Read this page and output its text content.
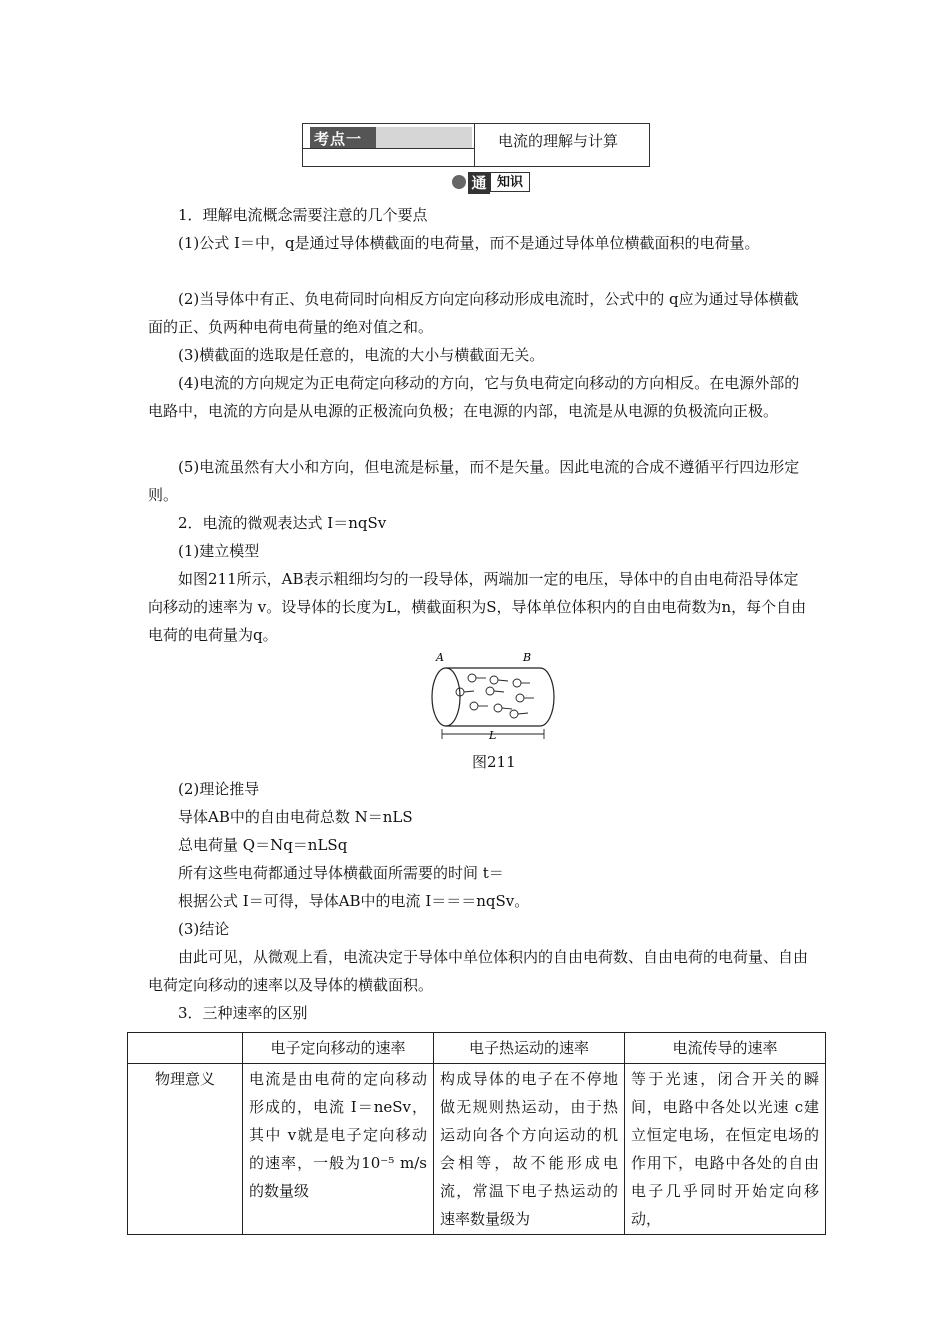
考点一	电流的理解与计算
通 知识
1．理解电流概念需要注意的几个要点
(1)公式 I＝中，q是通过导体横截面的电荷量，而不是通过导体单位横截面积的电荷量。
(2)当导体中有正、负电荷同时向相反方向定向移动形成电流时，公式中的 q应为通过导体横截面的正、负两种电荷电荷量的绝对值之和。
(3)横截面的选取是任意的，电流的大小与横截面无关。
(4)电流的方向规定为正电荷定向移动的方向，它与负电荷定向移动的方向相反。在电源外部的电路中，电流的方向是从电源的正极流向负极；在电源的内部，电流是从电源的负极流向正极。
(5)电流虽然有大小和方向，但电流是标量，而不是矢量。因此电流的合成不遵循平行四边形定则。
2．电流的微观表达式 I＝nqSv
(1)建立模型
如图211所示，AB表示粗细均匀的一段导体，两端加一定的电压，导体中的自由电荷沿导体定向移动的速率为 v。设导体的长度为L，横截面积为S，导体单位体积内的自由电荷数为n，每个自由电荷的电荷量为q。
A	B
L
图211
(2)理论推导
导体AB中的自由电荷总数 N＝nLS
总电荷量 Q＝Nq＝nLSq
所有这些电荷都通过导体横截面所需要的时间 t＝
根据公式 I＝可得，导体AB中的电流 I＝＝＝nqSv。
(3)结论
由此可见，从微观上看，电流决定于导体中单位体积内的自由电荷数、自由电荷的电荷量、自由电荷定向移动的速率以及导体的横截面积。
3．三种速率的区别
	电子定向移动的速率	电子热运动的速率	电流传导的速率
物理意义	电流是由电荷的定向移动形成的，电流 I＝neSv，其中 v就是电子定向移动的速率，一般为10⁻⁵ m/s的数量级	构成导体的电子在不停地做无规则热运动，由于热运动向各个方向运动的机会相等，故不能形成电流，常温下电子热运动的速率数量级为	等于光速，闭合开关的瞬间，电路中各处以光速 c建立恒定电场，在恒定电场的作用下，电路中各处的自由电子几乎同时开始定向移动，
